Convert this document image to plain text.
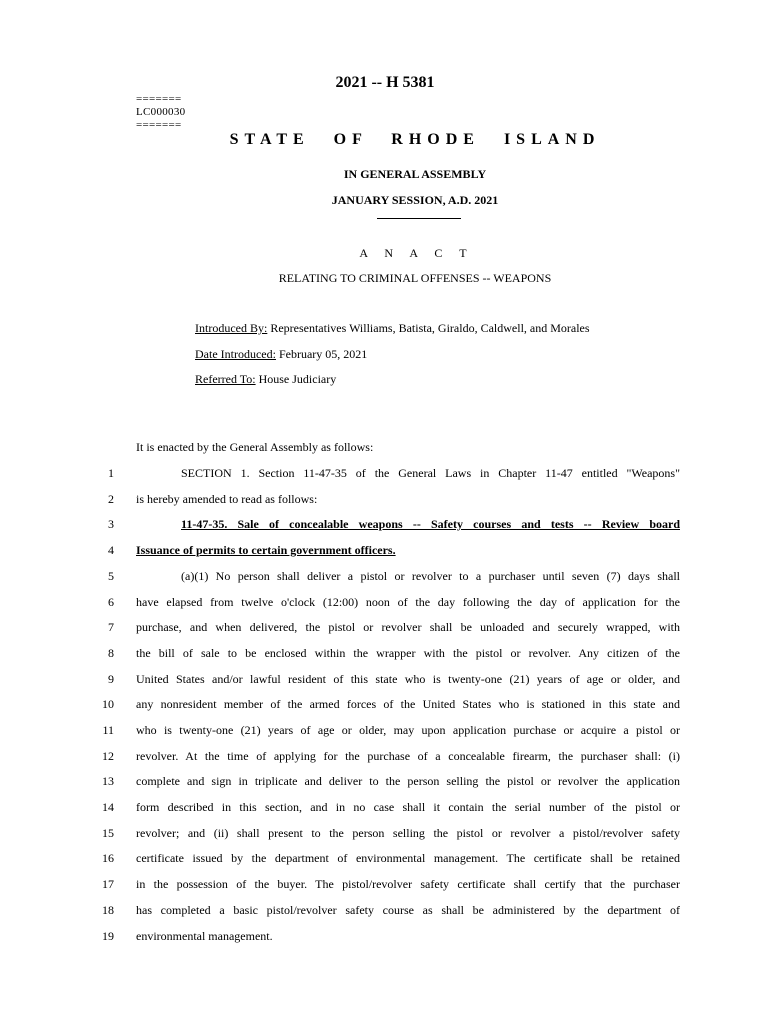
2021 -- H 5381
=======
LC000030
=======
STATE OF RHODE ISLAND
IN GENERAL ASSEMBLY
JANUARY SESSION, A.D. 2021
A N A C T
RELATING TO CRIMINAL OFFENSES -- WEAPONS
Introduced By: Representatives Williams, Batista, Giraldo, Caldwell, and Morales
Date Introduced: February 05, 2021
Referred To: House Judiciary
It is enacted by the General Assembly as follows:
1	SECTION 1. Section 11-47-35 of the General Laws in Chapter 11-47 entitled "Weapons"
2 is hereby amended to read as follows:
3	11-47-35. Sale of concealable weapons -- Safety courses and tests -- Review board
4 Issuance of permits to certain government officers.
5	(a)(1) No person shall deliver a pistol or revolver to a purchaser until seven (7) days shall
6 have elapsed from twelve o'clock (12:00) noon of the day following the day of application for the
7 purchase, and when delivered, the pistol or revolver shall be unloaded and securely wrapped, with
8 the bill of sale to be enclosed within the wrapper with the pistol or revolver. Any citizen of the
9 United States and/or lawful resident of this state who is twenty-one (21) years of age or older, and
10 any nonresident member of the armed forces of the United States who is stationed in this state and
11 who is twenty-one (21) years of age or older, may upon application purchase or acquire a pistol or
12 revolver. At the time of applying for the purchase of a concealable firearm, the purchaser shall: (i)
13 complete and sign in triplicate and deliver to the person selling the pistol or revolver the application
14 form described in this section, and in no case shall it contain the serial number of the pistol or
15 revolver; and (ii) shall present to the person selling the pistol or revolver a pistol/revolver safety
16 certificate issued by the department of environmental management. The certificate shall be retained
17 in the possession of the buyer. The pistol/revolver safety certificate shall certify that the purchaser
18 has completed a basic pistol/revolver safety course as shall be administered by the department of
19 environmental management.
